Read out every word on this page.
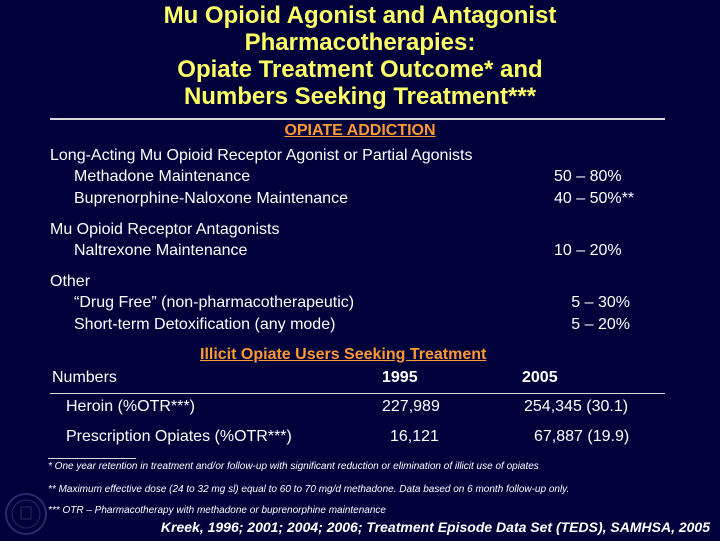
Mu Opioid Agonist and Antagonist
Pharmacotherapies:
Opiate Treatment Outcome* and
Numbers Seeking Treatment***
OPIATE ADDICTION
Long-Acting Mu Opioid Receptor Agonist or Partial Agonists
Methadone Maintenance	50 – 80%
Buprenorphine-Naloxone Maintenance	40 – 50%**
Mu Opioid Receptor Antagonists
Naltrexone Maintenance	10 – 20%
Other
“Drug Free” (non-pharmacotherapeutic)	5 – 30%
Short-term Detoxification (any mode)	5 – 20%
Illicit Opiate Users Seeking Treatment
Numbers	1995	2005
Heroin (%OTR***)	227,989	254,345 (30.1)
Prescription Opiates (%OTR***)	16,121	67,887 (19.9)
* One year retention in treatment and/or follow-up with significant reduction or elimination of illicit use of opiates
** Maximum effective dose (24 to 32 mg sl) equal to 60 to 70 mg/d methadone. Data based on 6 month follow-up only.
*** OTR – Pharmacotherapy with methadone or buprenorphine maintenance
Kreek, 1996; 2001; 2004; 2006; Treatment Episode Data Set (TEDS), SAMHSA, 2005
